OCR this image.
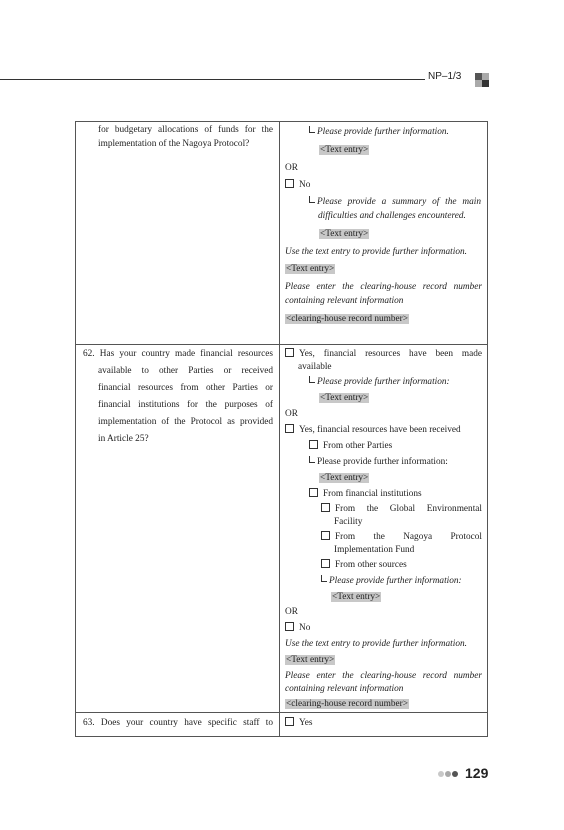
NP–1/3
for budgetary allocations of funds for the
implementation of the Nagoya Protocol?
Please provide further information.
<Text entry>
OR
No
Please provide a summary of the main
difficulties and challenges encountered.
<Text entry>
Use the text entry to provide further information.
<Text entry>
Please enter the clearing-house record number
containing relevant information
<clearing-house record number>
62. Has your country made financial resources
available to other Parties or received
financial resources from other Parties or
financial institutions for the purposes of
implementation of the Protocol as provided
in Article 25?
Yes, financial resources have been made
available
Please provide further information:
<Text entry>
OR
Yes, financial resources have been received
From other Parties
Please provide further information:
<Text entry>
From financial institutions
From the Global Environmental
Facility
From the Nagoya Protocol
Implementation Fund
From other sources
Please provide further information:
<Text entry>
OR
No
Use the text entry to provide further information.
<Text entry>
Please enter the clearing-house record number
containing relevant information
<clearing-house record number>
63. Does your country have specific staff to	Yes
129
